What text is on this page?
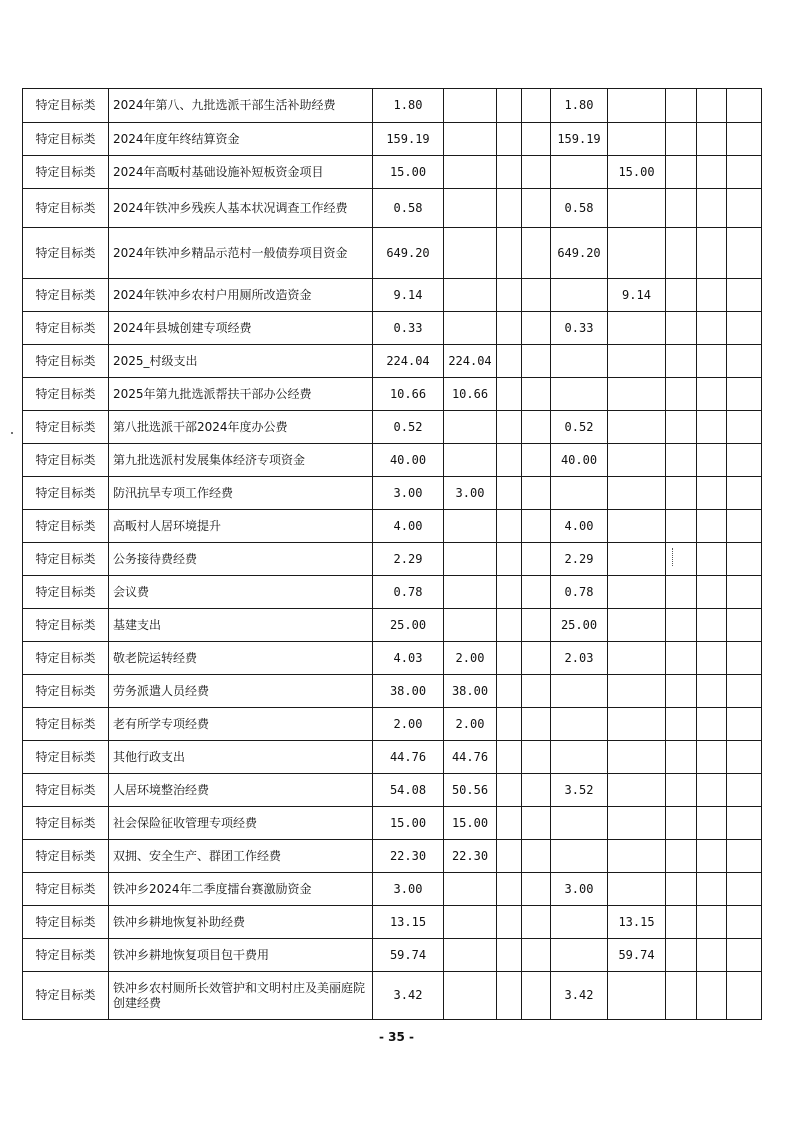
特定目标类	2024年第八、九批选派干部生活补助经费	1.80				1.80				
特定目标类	2024年度年终结算资金	159.19				159.19				
特定目标类	2024年高畈村基础设施补短板资金项目	15.00					15.00			
特定目标类	2024年铁冲乡残疾人基本状况调查工作经费	0.58				0.58				
特定目标类	2024年铁冲乡精品示范村一般债券项目资金	649.20				649.20				
特定目标类	2024年铁冲乡农村户用厕所改造资金	9.14					9.14			
特定目标类	2024年县城创建专项经费	0.33				0.33				
特定目标类	2025_村级支出	224.04	224.04							
特定目标类	2025年第九批选派帮扶干部办公经费	10.66	10.66							
特定目标类	第八批选派干部2024年度办公费	0.52				0.52				
特定目标类	第九批选派村发展集体经济专项资金	40.00				40.00				
特定目标类	防汛抗旱专项工作经费	3.00	3.00							
特定目标类	高畈村人居环境提升	4.00				4.00				
特定目标类	公务接待费经费	2.29				2.29				
特定目标类	会议费	0.78				0.78				
特定目标类	基建支出	25.00				25.00				
特定目标类	敬老院运转经费	4.03	2.00			2.03				
特定目标类	劳务派遣人员经费	38.00	38.00							
特定目标类	老有所学专项经费	2.00	2.00							
特定目标类	其他行政支出	44.76	44.76							
特定目标类	人居环境整治经费	54.08	50.56			3.52				
特定目标类	社会保险征收管理专项经费	15.00	15.00							
特定目标类	双拥、安全生产、群团工作经费	22.30	22.30							
特定目标类	铁冲乡2024年二季度擂台赛激励资金	3.00				3.00				
特定目标类	铁冲乡耕地恢复补助经费	13.15					13.15			
特定目标类	铁冲乡耕地恢复项目包干费用	59.74					59.74			
特定目标类	铁冲乡农村厕所长效管护和文明村庄及美丽庭院创建经费	3.42				3.42				
- 35 -
